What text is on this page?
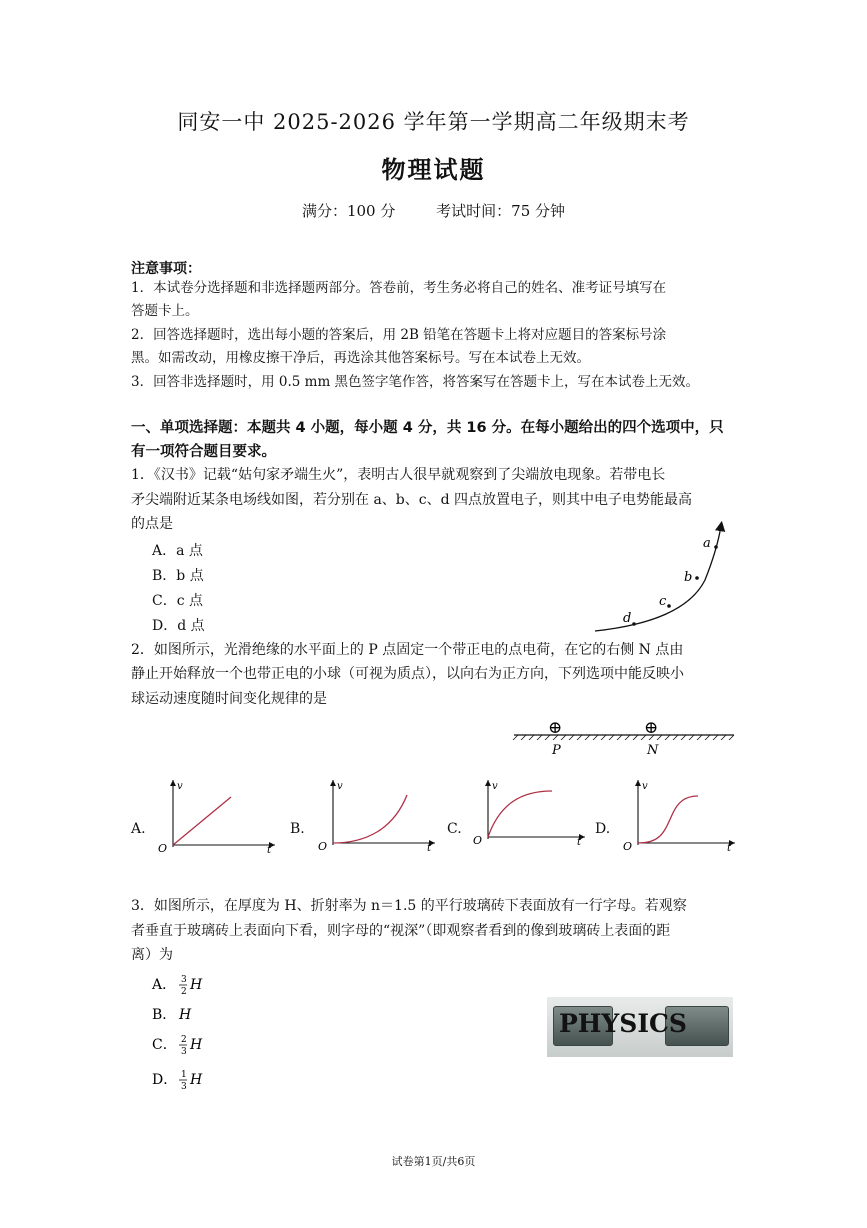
同安一中 2025-2026 学年第一学期高二年级期末考
物理试题
满分：100 分	考试时间：75 分钟
注意事项：
1．本试卷分选择题和非选择题两部分。答卷前，考生务必将自己的姓名、准考证号填写在
答题卡上。
2．回答选择题时，选出每小题的答案后，用 2B 铅笔在答题卡上将对应题目的答案标号涂
黑。如需改动，用橡皮擦干净后，再选涂其他答案标号。写在本试卷上无效。
3．回答非选择题时，用 0.5 mm 黑色签字笔作答，将答案写在答题卡上，写在本试卷上无效。
一、单项选择题：本题共 4 小题，每小题 4 分，共 16 分。在每小题给出的四个选项中，只
有一项符合题目要求。
1．《汉书》记载“姑句家矛端生火”，表明古人很早就观察到了尖端放电现象。若带电长
矛尖端附近某条电场线如图，若分别在 a、b、c、d 四点放置电子，则其中电子电势能最高
的点是
A．a 点
B．b 点
C．c 点
D．d 点
a
b
c
d
2．如图所示，光滑绝缘的水平面上的 P 点固定一个带正电的点电荷，在它的右侧 N 点由
静止开始释放一个也带正电的小球（可视为质点），以向右为正方向，下列选项中能反映小
球运动速度随时间变化规律的是
⊕	⊕
P	N
A.
v
t
O
B.
v
t
O
C.
v
t
O
D.
v
t
O
3．如图所示，在厚度为 H、折射率为 n＝1.5 的平行玻璃砖下表面放有一行字母。若观察
者垂直于玻璃砖上表面向下看，则字母的“视深”（即观察者看到的像到玻璃砖上表面的距
离）为
A． 3
2 H
B． H
C． 2
3 H
D． 1
3 H
PHYSICS
试卷第1页/共6页
